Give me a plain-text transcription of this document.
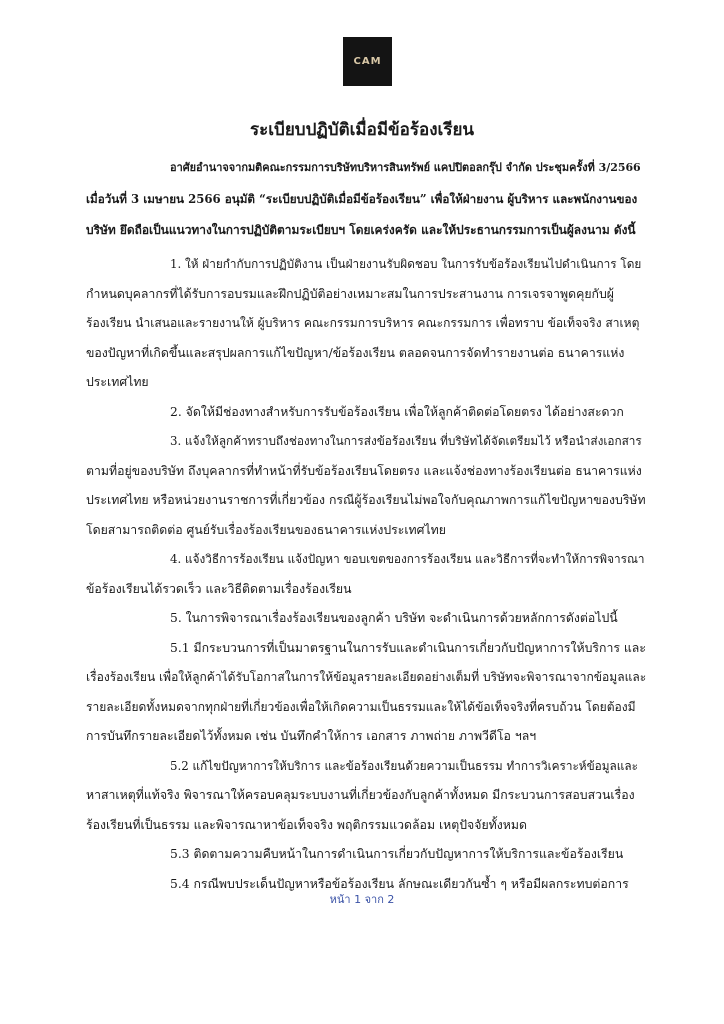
CAM
ระเบียบปฏิบัติเมื่อมีข้อร้องเรียน
อาศัยอำนาจจากมติคณะกรรมการบริษัทบริหารสินทรัพย์ แคปปิตอลกรุ๊ป จำกัด ประชุมครั้งที่ 3/2566
เมื่อวันที่ 3 เมษายน 2566 อนุมัติ “ระเบียบปฏิบัติเมื่อมีข้อร้องเรียน” เพื่อให้ฝ่ายงาน ผู้บริหาร และพนักงานของ
บริษัท ยึดถือเป็นแนวทางในการปฏิบัติตามระเบียบฯ โดยเคร่งครัด และให้ประธานกรรมการเป็นผู้ลงนาม ดังนี้
1. ให้ ฝ่ายกำกับการปฏิบัติงาน เป็นฝ่ายงานรับผิดชอบ ในการรับข้อร้องเรียนไปดำเนินการ โดย
กำหนดบุคลากรที่ได้รับการอบรมและฝึกปฏิบัติอย่างเหมาะสมในการประสานงาน การเจรจาพูดคุยกับผู้
ร้องเรียน นำเสนอและรายงานให้ ผู้บริหาร คณะกรรมการบริหาร คณะกรรมการ เพื่อทราบ ข้อเท็จจริง สาเหตุ
ของปัญหาที่เกิดขึ้นและสรุปผลการแก้ไขปัญหา/ข้อร้องเรียน ตลอดจนการจัดทำรายงานต่อ ธนาคารแห่ง
ประเทศไทย
2. จัดให้มีช่องทางสำหรับการรับข้อร้องเรียน เพื่อให้ลูกค้าติดต่อโดยตรง ได้อย่างสะดวก
3. แจ้งให้ลูกค้าทราบถึงช่องทางในการส่งข้อร้องเรียน ที่บริษัทได้จัดเตรียมไว้ หรือนำส่งเอกสาร
ตามที่อยู่ของบริษัท ถึงบุคลากรที่ทำหน้าที่รับข้อร้องเรียนโดยตรง และแจ้งช่องทางร้องเรียนต่อ ธนาคารแห่ง
ประเทศไทย หรือหน่วยงานราชการที่เกี่ยวข้อง กรณีผู้ร้องเรียนไม่พอใจกับคุณภาพการแก้ไขปัญหาของบริษัท
โดยสามารถติดต่อ ศูนย์รับเรื่องร้องเรียนของธนาคารแห่งประเทศไทย
4. แจ้งวิธีการร้องเรียน แจ้งปัญหา ขอบเขตของการร้องเรียน และวิธีการที่จะทำให้การพิจารณา
ข้อร้องเรียนได้รวดเร็ว และวิธีติดตามเรื่องร้องเรียน
5. ในการพิจารณาเรื่องร้องเรียนของลูกค้า บริษัท จะดำเนินการด้วยหลักการดังต่อไปนี้
5.1 มีกระบวนการที่เป็นมาตรฐานในการรับและดำเนินการเกี่ยวกับปัญหาการให้บริการ และ
เรื่องร้องเรียน เพื่อให้ลูกค้าได้รับโอกาสในการให้ข้อมูลรายละเอียดอย่างเต็มที่ บริษัทจะพิจารณาจากข้อมูลและ
รายละเอียดทั้งหมดจากทุกฝ่ายที่เกี่ยวข้องเพื่อให้เกิดความเป็นธรรมและให้ได้ข้อเท็จจริงที่ครบถ้วน โดยต้องมี
การบันทึกรายละเอียดไว้ทั้งหมด เช่น บันทึกคำให้การ เอกสาร ภาพถ่าย ภาพวีดีโอ ฯลฯ
5.2 แก้ไขปัญหาการให้บริการ และข้อร้องเรียนด้วยความเป็นธรรม ทำการวิเคราะห์ข้อมูลและ
หาสาเหตุที่แท้จริง พิจารณาให้ครอบคลุมระบบงานที่เกี่ยวข้องกับลูกค้าทั้งหมด มีกระบวนการสอบสวนเรื่อง
ร้องเรียนที่เป็นธรรม และพิจารณาหาข้อเท็จจริง พฤติกรรมแวดล้อม เหตุปัจจัยทั้งหมด
5.3 ติดตามความคืบหน้าในการดำเนินการเกี่ยวกับปัญหาการให้บริการและข้อร้องเรียน
5.4 กรณีพบประเด็นปัญหาหรือข้อร้องเรียน ลักษณะเดียวกันซ้ำ ๆ หรือมีผลกระทบต่อการ
หน้า 1 จาก 2
